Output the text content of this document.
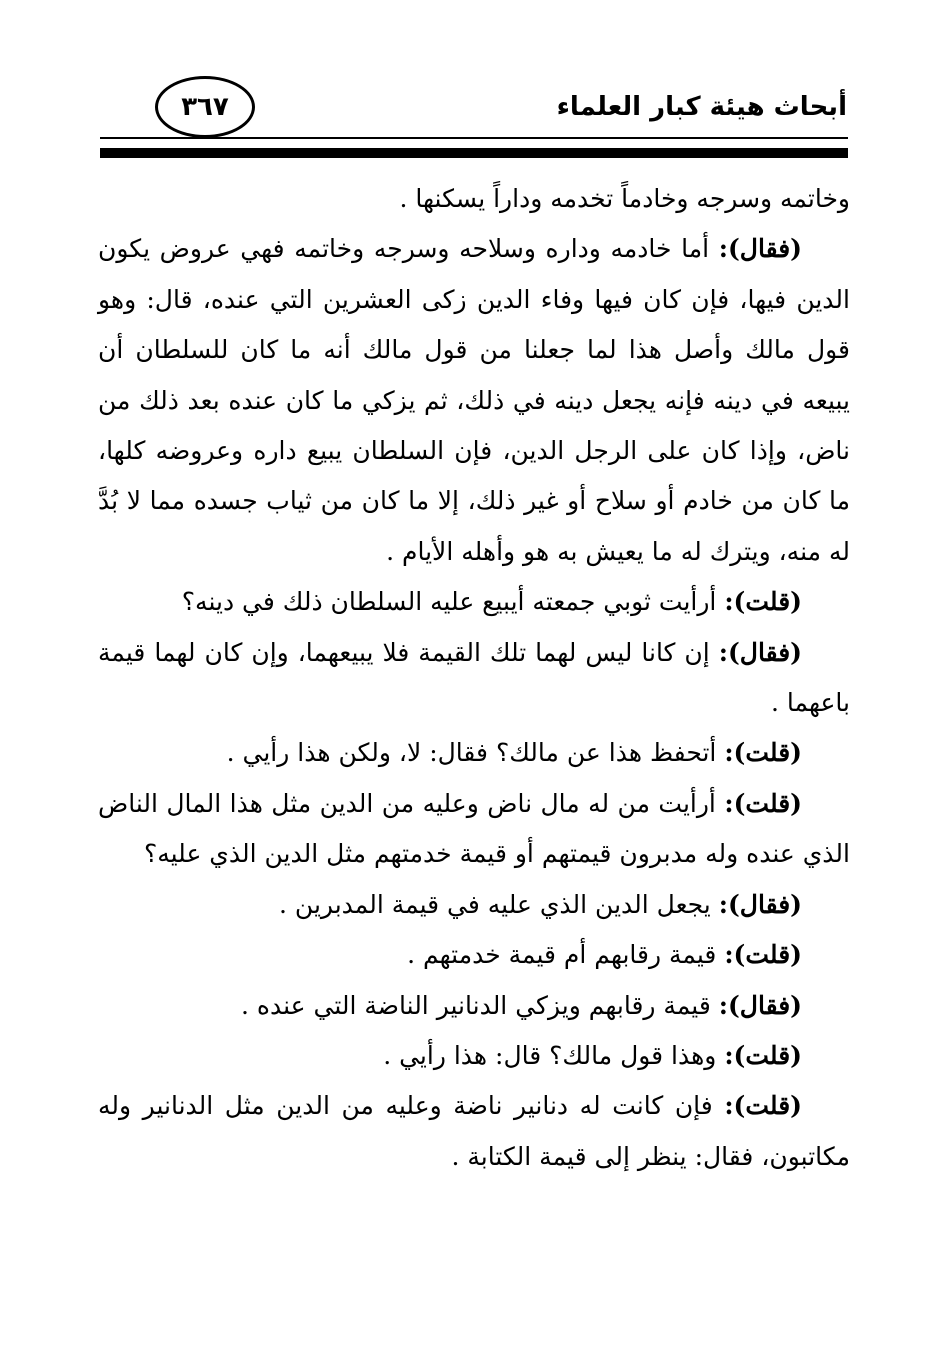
أبحاث هيئة كبار العلماء
٣٦٧

وخاتمه وسرجه وخادماً تخدمه وداراً يسكنها .

(فقال): أما خادمه وداره وسلاحه وسرجه وخاتمه فهي عروض يكون الدين فيها، فإن كان فيها وفاء الدين زكى العشرين التي عنده، قال: وهو قول مالك وأصل هذا لما جعلنا من قول مالك أنه ما كان للسلطان أن يبيعه في دينه فإنه يجعل دينه في ذلك، ثم يزكي ما كان عنده بعد ذلك من ناض، وإذا كان على الرجل الدين، فإن السلطان يبيع داره وعروضه كلها، ما كان من خادم أو سلاح أو غير ذلك، إلا ما كان من ثياب جسده مما لا بُدَّ له منه، ويترك له ما يعيش به هو وأهله الأيام .

(قلت): أرأيت ثوبي جمعته أيبيع عليه السلطان ذلك في دينه؟

(فقال): إن كانا ليس لهما تلك القيمة فلا يبيعهما، وإن كان لهما قيمة باعهما .

(قلت): أتحفظ هذا عن مالك؟ فقال: لا، ولكن هذا رأيي .

(قلت): أرأيت من له مال ناض وعليه من الدين مثل هذا المال الناض الذي عنده وله مدبرون قيمتهم أو قيمة خدمتهم مثل الدين الذي عليه؟

(فقال): يجعل الدين الذي عليه في قيمة المدبرين .

(قلت): قيمة رقابهم أم قيمة خدمتهم .

(فقال): قيمة رقابهم ويزكي الدنانير الناضة التي عنده .

(قلت): وهذا قول مالك؟ قال: هذا رأيي .

(قلت): فإن كانت له دنانير ناضة وعليه من الدين مثل الدنانير وله مكاتبون، فقال: ينظر إلى قيمة الكتابة .
